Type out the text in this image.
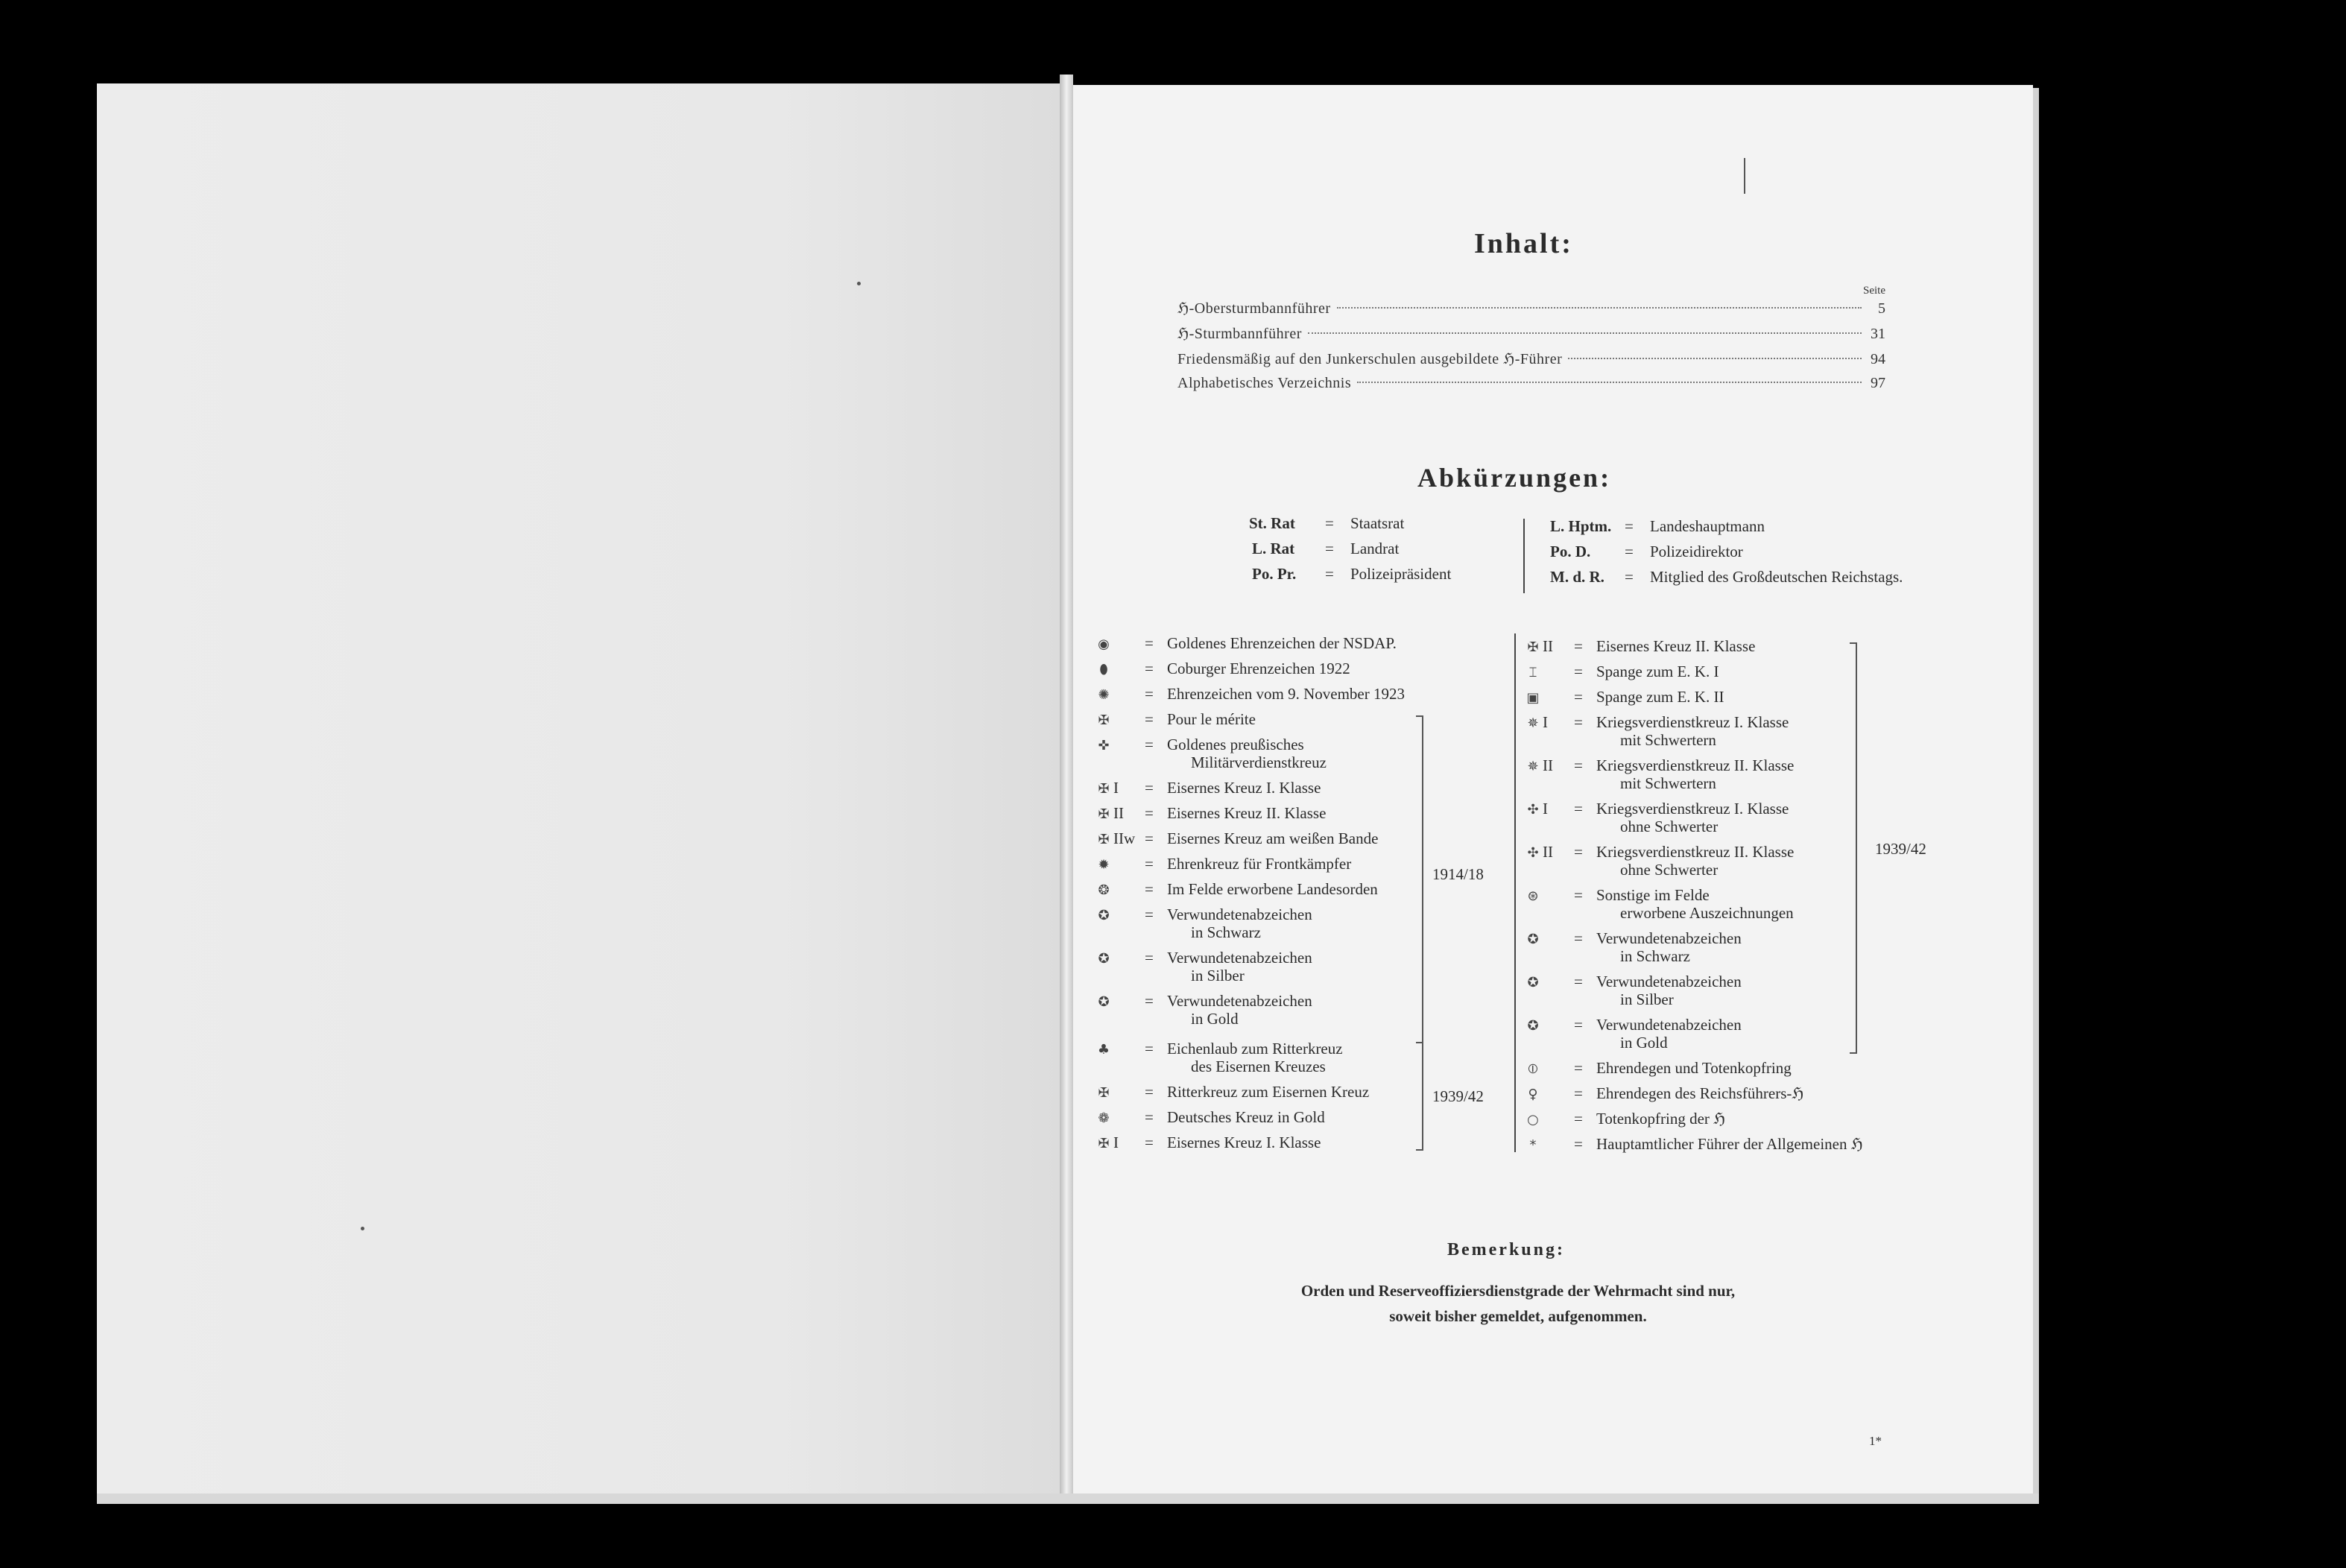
Inhalt:
Seite
ℌ-Obersturmbannführer	5
ℌ-Sturmbannführer	31
Friedensmäßig auf den Junkerschulen ausgebildete ℌ-Führer	94
Alphabetisches Verzeichnis	97
Abkürzungen:
St. Rat = Staatsrat
L. Rat = Landrat
Po. Pr. = Polizeipräsident
L. Hptm. = Landeshauptmann
Po. D. = Polizeidirektor
M. d. R. = Mitglied des Großdeutschen Reichstags.
◉ = Goldenes Ehrenzeichen der NSDAP.
⬮ = Coburger Ehrenzeichen 1922
✺ = Ehrenzeichen vom 9. November 1923
✠ = Pour le mérite
✜ = Goldenes preußisches
Militärverdienstkreuz
✠ I = Eisernes Kreuz I. Klasse
✠ II = Eisernes Kreuz II. Klasse
✠ IIw = Eisernes Kreuz am weißen Bande
✹ = Ehrenkreuz für Frontkämpfer
❂ = Im Felde erworbene Landesorden
✪ = Verwundetenabzeichen
in Schwarz
✪ = Verwundetenabzeichen
in Silber
✪ = Verwundetenabzeichen
in Gold
♣ = Eichenlaub zum Ritterkreuz
des Eisernen Kreuzes
✠ = Ritterkreuz zum Eisernen Kreuz
❁ = Deutsches Kreuz in Gold
✠ I = Eisernes Kreuz I. Klasse
✠ II = Eisernes Kreuz II. Klasse
⌶ = Spange zum E. K. I
▣ = Spange zum E. K. II
✵ I = Kriegsverdienstkreuz I. Klasse
mit Schwertern
✵ II = Kriegsverdienstkreuz II. Klasse
mit Schwertern
✣ I = Kriegsverdienstkreuz I. Klasse
ohne Schwerter
✣ II = Kriegsverdienstkreuz II. Klasse
ohne Schwerter
⊛ = Sonstige im Felde
erworbene Auszeichnungen
✪ = Verwundetenabzeichen
in Schwarz
✪ = Verwundetenabzeichen
in Silber
✪ = Verwundetenabzeichen
in Gold
⦶ = Ehrendegen und Totenkopfring
♀ = Ehrendegen des Reichsführers-ℌ
○ = Totenkopfring der ℌ
* = Hauptamtlicher Führer der Allgemeinen ℌ
1914/18
1939/42
1939/42
Bemerkung:
Orden und Reserveoffiziersdienstgrade der Wehrmacht sind nur,
soweit bisher gemeldet, aufgenommen.
1*
